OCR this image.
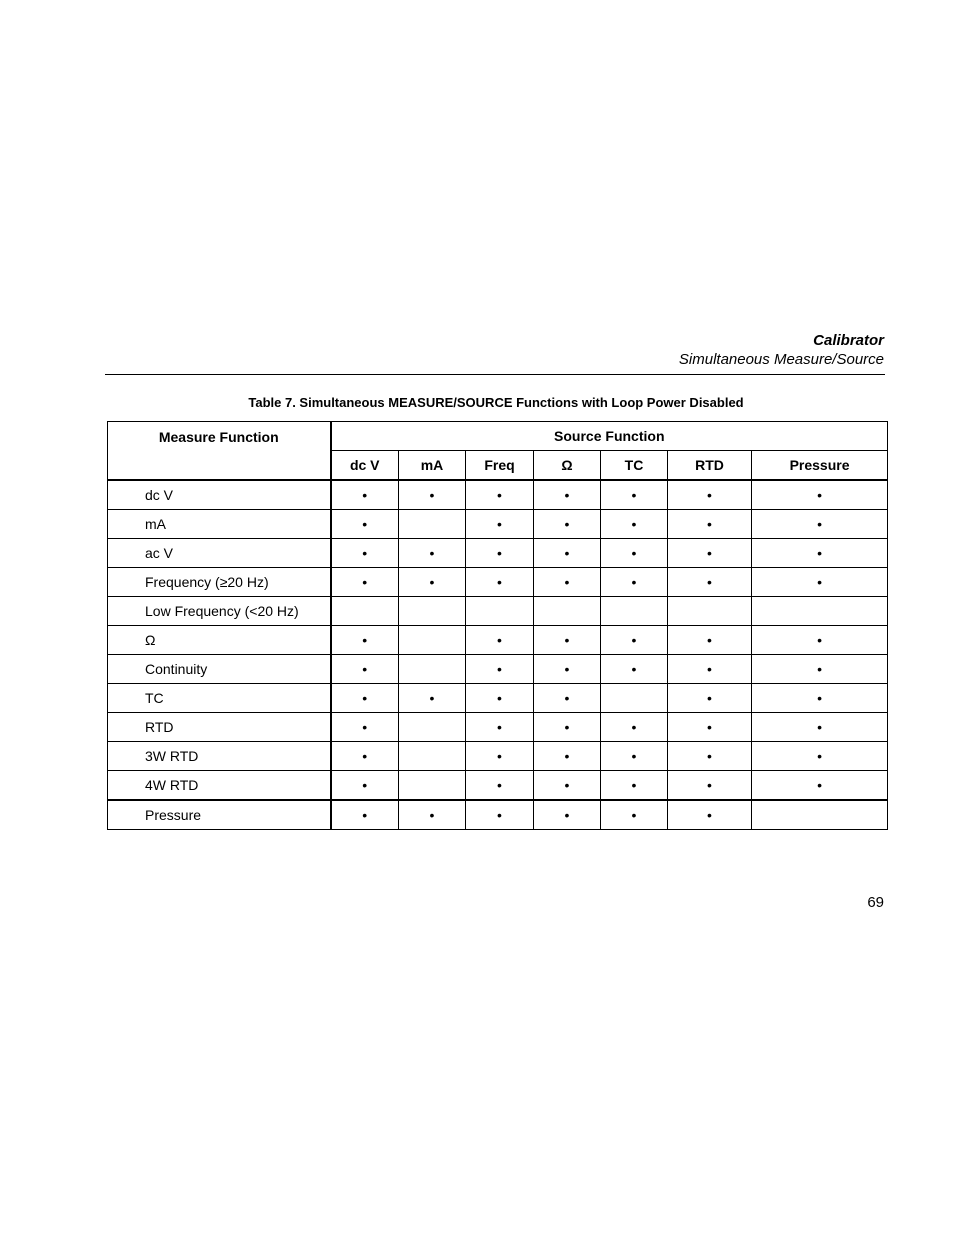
Calibrator
Simultaneous Measure/Source
Table 7. Simultaneous MEASURE/SOURCE Functions with Loop Power Disabled
Measure Function	Source Function						
	dc V	mA	Freq	Ω	TC	RTD	Pressure
dc V	•	•	•	•	•	•	•
mA	•		•	•	•	•	•
ac V	•	•	•	•	•	•	•
Frequency (≥20 Hz)	•	•	•	•	•	•	•
Low Frequency (<20 Hz)							
Ω	•		•	•	•	•	•
Continuity	•		•	•	•	•	•
TC	•	•	•	•		•	•
RTD	•		•	•	•	•	•
3W RTD	•		•	•	•	•	•
4W RTD	•		•	•	•	•	•
Pressure	•	•	•	•	•	•	
69
